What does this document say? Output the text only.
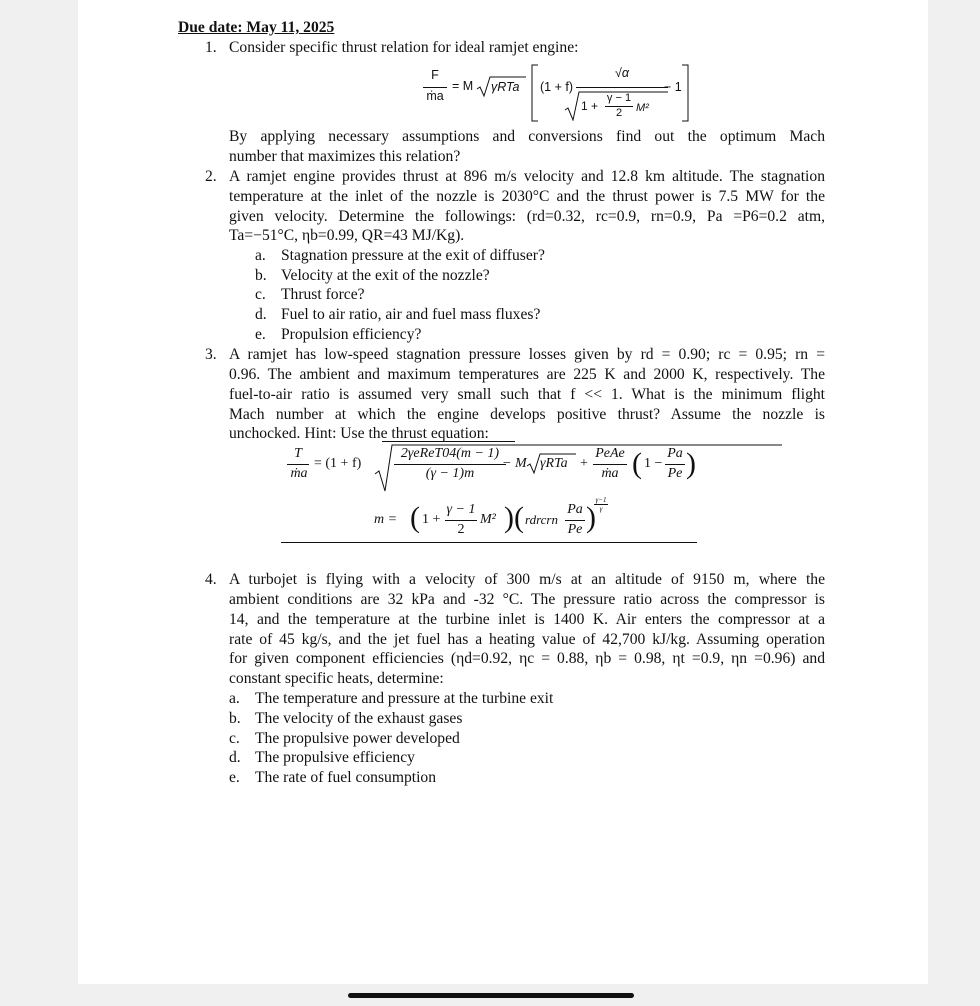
Due date: May 11, 2025
1. Consider specific thrust relation for ideal ramjet engine:
F
ṁa
= M γRTa (1 + f)
√α
1 +
γ − 1
2	M²
− 1
By applying necessary assumptions and conversions find out the optimum Mach
number that maximizes this relation?
2. A ramjet engine provides thrust at 896 m/s velocity and 12.8 km altitude. The stagnation
temperature at the inlet of the nozzle is 2030°C and the thrust power is 7.5 MW for the
given velocity. Determine the followings: (rd=0.32, rc=0.9, rn=0.9, Pa =P6=0.2 atm,
Ta=−51°C, ηb=0.99, QR=43 MJ/Kg).
a. Stagnation pressure at the exit of diffuser?
b. Velocity at the exit of the nozzle?
c. Thrust force?
d. Fuel to air ratio, air and fuel mass fluxes?
e. Propulsion efficiency?
3. A ramjet has low-speed stagnation pressure losses given by rd = 0.90; rc = 0.95; rn =
0.96. The ambient and maximum temperatures are 225 K and 2000 K, respectively. The
fuel-to-air ratio is assumed very small such that f << 1. What is the minimum flight
Mach number at which the engine develops positive thrust? Assume the nozzle is
unchocked. Hint: Use the thrust equation:
T
ṁa
= (1 + f)
2γeReT04(m − 1)
(γ − 1)m
− M γRTa +
PeAe
ṁa ( 1 −
Pa
Pe )
m = ( 1 +
γ − 1
2
M² ) ( rdrcrn
Pa
Pe )
γ−1
γ
4. A turbojet is flying with a velocity of 300 m/s at an altitude of 9150 m, where the
ambient conditions are 32 kPa and -32 °C. The pressure ratio across the compressor is
14, and the temperature at the turbine inlet is 1400 K. Air enters the compressor at a
rate of 45 kg/s, and the jet fuel has a heating value of 42,700 kJ/kg. Assuming operation
for given component efficiencies (ηd=0.92, ηc = 0.88, ηb = 0.98, ηt =0.9, ηn =0.96) and
constant specific heats, determine:
a. The temperature and pressure at the turbine exit
b. The velocity of the exhaust gases
c. The propulsive power developed
d. The propulsive efficiency
e. The rate of fuel consumption
